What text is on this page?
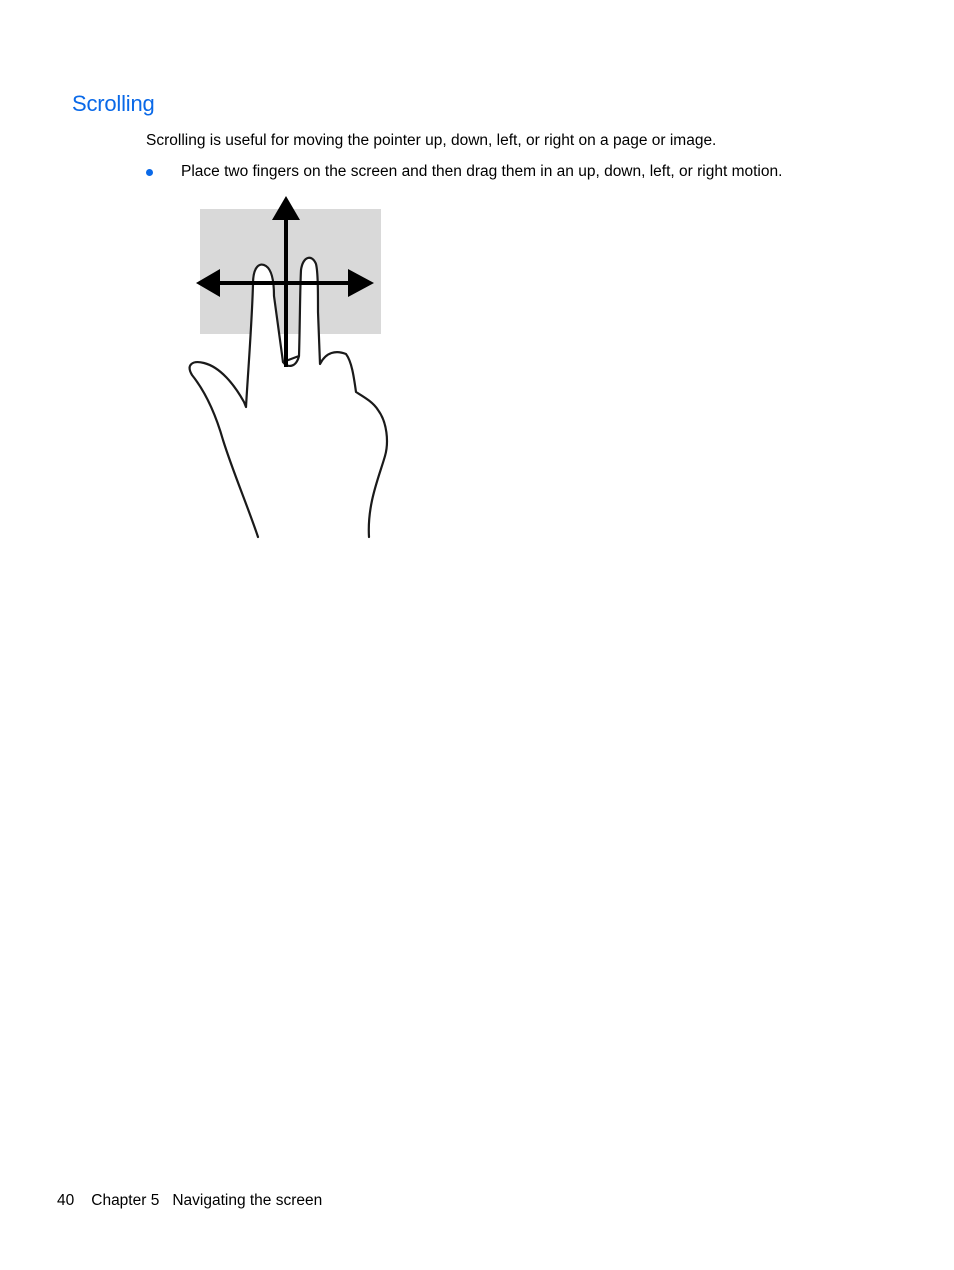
Scrolling

Scrolling is useful for moving the pointer up, down, left, or right on a page or image.

Place two fingers on the screen and then drag them in an up, down, left, or right motion.
40 Chapter 5 Navigating the screen
